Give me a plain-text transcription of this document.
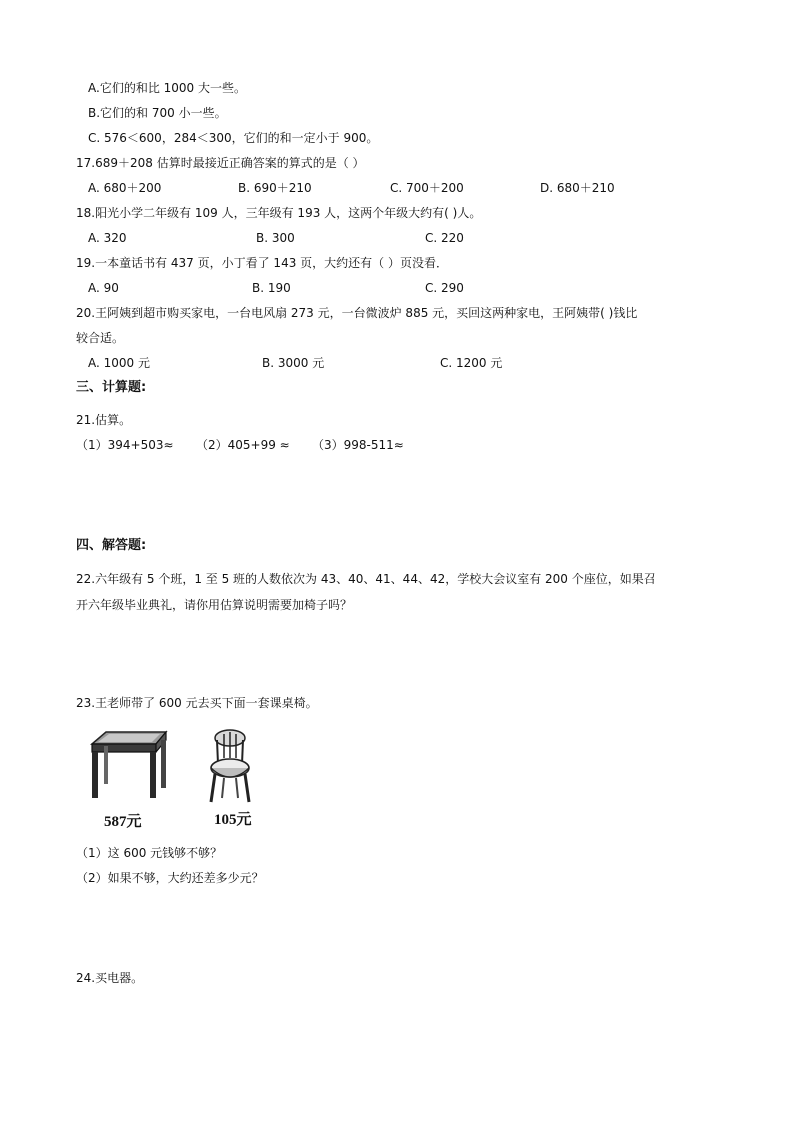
A.它们的和比 1000 大一些。
B.它们的和 700 小一些。
C. 576＜600，284＜300，它们的和一定小于 900。
17.689＋208 估算时最接近正确答案的算式的是（ ）
A. 680＋200	B. 690＋210	C. 700＋200	D. 680＋210
18.阳光小学二年级有 109 人，三年级有 193 人，这两个年级大约有( )人。
A. 320	B. 300	C. 220
19.一本童话书有 437 页，小丁看了 143 页，大约还有（ ）页没看．
A. 90	B. 190	C. 290
20.王阿姨到超市购买家电，一台电风扇 273 元，一台微波炉 885 元，买回这两种家电，王阿姨带( )钱比
较合适。
A. 1000 元	B. 3000 元	C. 1200 元
三、计算题:
21.估算。
（1）394+503≈ （2）405+99 ≈ （3）998-511≈
四、解答题:
22.六年级有 5 个班，1 至 5 班的人数依次为 43、40、41、44、42，学校大会议室有 200 个座位，如果召
开六年级毕业典礼，请你用估算说明需要加椅子吗？
23.王老师带了 600 元去买下面一套课桌椅。
587元	105元
（1）这 600 元钱够不够？
（2）如果不够，大约还差多少元？
24.买电器。
